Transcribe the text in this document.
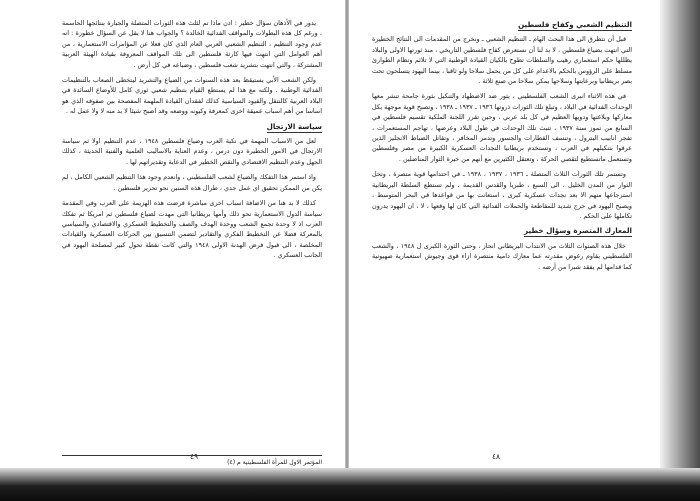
يدور في الأذهان سؤال خطير : اذن ماذا تم لثلث هذه الثورات المتصلة والجبارة بنتائجها الحاسمة ، ورغم كل هذه البطولات والمواقف الفدائية الخالدة ؟ والجواب هنا لا يقل عن السؤال خطورة : انه عدم وجود التنظيم ، التنظيم الشعبي العربي العام الذي كان فعلا عن المؤامرات الاستعمارية ، من أهم العوامل التي انتهت فيها كارثة فلسطين الى تلك المواقف المعروفة بقيادة الهيئة العربية المشتركة ، والتي انتهت بتشريد شعب فلسطين ، وضياعه في كل أرض .

ولكن الشعب الأبي يستيقظ بعد هذه السنوات من الضياع والتشريد ليتخطى الصعاب بالتنظيمات الفدائية الوطنية . ولكنه مع هذا لم يستطع القيام بتنظيم شعبي ثوري كامل للأوضاع السائدة في البلاد العربية كالتنقل والقيود السياسية كذلك لفقدان القيادة الملهمة المفصحة بين صفوفه الذي هو اساسا من أهم اسباب عميقة اخرى كمعرفة وكيونه ووضعه وقد اصبح شيئا لا بد منه لا ولا عمل له .

سياسة الارتجال

لعل من الاسباب المهمة في نكبة العرب وضياع فلسطين ١٩٤٨ ، عدم التنظيم اولا ثم سياسة الارتجال في الامور الخطيرة دون درس ، وعدم العناية بالاساليب العلمية والفنية الحديثة ، كذلك الجهل وعدم التنظيم الاقتصادي والنقص الخطير في الدعاية وتقديراتهم لها .

واذ استمر هذا التفكك والضياع لشعب الفلسطيني ، وانعدم وجود هذا التنظيم الشعبي الكامل ، لم يكن من الممكن تحقيق اي عمل جدي ، طرال هذه السنين نحو تحرير فلسطين .

كذلك لا بد هنا من الاضافة اسباب اخرى مباشرة فرضت هذه الهزيمة على العرب وفي المقدمة سياسة الدول الاستعمارية نحو ذلك وأمها بريطانيا التي مهدت لضياع فلسطين ثم امريكا ثم تفكك العرب اذ لا وحدة تجمع الشعب ووحدة الهدف والصف والتخطيط العسكري والاقتصادي والسياسي بالمعركة فضلا عن التخطيط الفكري والتقادير لتضمن التنسيق بين الحركات العسكرية والقيادات المخلصة ، الى قبول فرض الهدنة الاولى ١٩٤٨ والتي كانت نقطة تحول كبير لمصلحة اليهود في الجانب العسكري .

٤٩
المؤتمر الاول للمرأة الفلسطينية م (٤)
التنظيم الشعبي وكفاح فلسطين

قبل أن نتطرق الى هذا البحث الهام ـ التنظيم الشعبي ـ ونخرج من المقدمات الى النتائج الخطيرة التي انتهت بضياع فلسطين ، لا بد لنا أن نستعرض كفاح فلسطين التاريخي ، منذ ثورتها الاولى والبلاد يظللها حكم استعماري رهيب والسلطات تطوح بالكيان القيادة الوطنية التي لا تلائم ونظام الطوارئ مسلط على الرؤوس بالحكم بالاعدام على كل من يحمل سلاحا ولو ثاقبا ، بينما اليهود يتسلحون تحت بصر بريطانيا وبرعايتها وسلاحها يمكن سلاحا من صنع ثلاثة .

في هذه الاثناء انبرى الشعب الفلسطيني ، يثور ضد الاضطهاد والتنكيل بثورة جامحة تنشر معها الوحدات الفدائية في البلاد ، وتبلغ تلك الثورات ذروتها ١٩٣٦ ـ ١٩٣٧ ـ ١٩٣٨ ، وتصبح قوية موجهة بكل معاركها وبلاغتها ودويها العظيم في كل بلد عربي ، وحين تقرر اللجنة الملكية تقسيم فلسطين في السابع من تموز سنة ١٩٣٧ ، تنبث تلك الوحدات في طول البلاد وعرضها ، تهاجم المستعمرات ، تفجر انابيب البترول ، وتنسف القطارات والجسور وتدمر المخافر ، وتقاتل الضباط الانجليز الذين عرفوا بتنكيلهم في العرب ، وتستخدم بريطانيا النجدات العسكرية الكبيرة من مصر وفلسطين وتستعمل ماتستطيع لتقصي الحركة ، وتعتقل الكثيرين مع أنهم من خيرة الثوار المناضلين .

وتستمر تلك الثورات الثلاث المتصلة ـ ١٩٣٦ ، ١٩٣٧ ، ١٩٣٨ ـ في احتدامها قوية متصرة ، وتحل الثوار من المدن الخليل ، الى السبع ، طبريا والقدس القديمة ، ولم تستطع السلطة البريطانية استرجاعها منهم الا بعد نجدات عسكرية كبرى ، استعانت بها من قواعدها في البحر المتوسط ، ويصبح اليهود في حرج شديد للمقاطعة والحملات الفدائية التي كان لها وقعها ، لا ، ان اليهود يدرون تكاملها على الحكم .

المعارك المتصرة وسؤال خطير

خلال هذه الصنوات الثلاث من الانتداب البريطاني انحاز ، وحتى الثورة الكبرى ل ١٩٤٨ ، والشعب الفلسطيني يقاوم رغوض مقدرته عما معارك دامية منتصرة ازاء قوى وجيوش استعمارية صهيونية كما قدامها لم يفقد شبرا من أرضه .

٤٨
